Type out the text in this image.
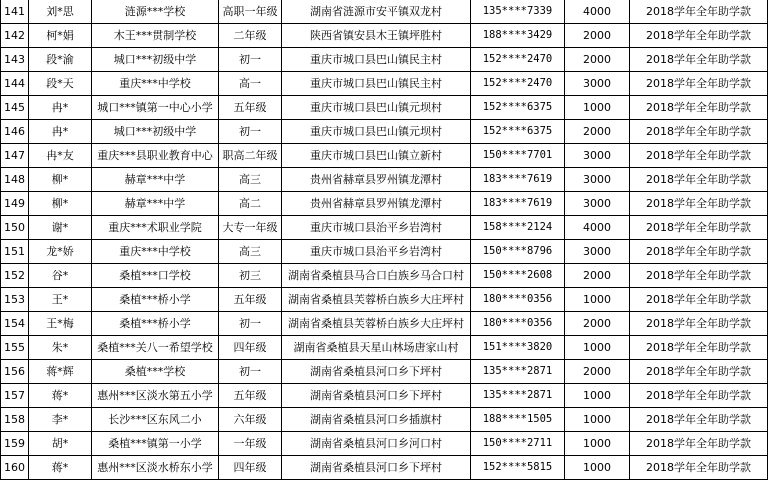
141	刘*思	涟源***学校	高职一年级	湖南省涟源市安平镇双龙村	135****7339	4000	2018学年全年助学款
142	柯*娟	木王***贯制学校	二年级	陕西省镇安县木王镇坪胜村	188****3429	2000	2018学年全年助学款
143	段*渝	城口***初级中学	初一	重庆市城口县巴山镇民主村	152****2470	2000	2018学年全年助学款
144	段*天	重庆***中学校	高一	重庆市城口县巴山镇民主村	152****2470	3000	2018学年全年助学款
145	冉*	城口***镇第一中心小学	五年级	重庆市城口县巴山镇元坝村	152****6375	1000	2018学年全年助学款
146	冉*	城口***初级中学	初一	重庆市城口县巴山镇元坝村	152****6375	2000	2018学年全年助学款
147	冉*友	重庆***县职业教育中心	职高二年级	重庆市城口县巴山镇立新村	150****7701	3000	2018学年全年助学款
148	柳*	赫章***中学	高三	贵州省赫章县罗州镇龙潭村	183****7619	3000	2018学年全年助学款
149	柳*	赫章***中学	高二	贵州省赫章县罗州镇龙潭村	183****7619	3000	2018学年全年助学款
150	谢*	重庆***术职业学院	大专一年级	重庆市城口县治平乡岩湾村	158****2124	4000	2018学年全年助学款
151	龙*娇	重庆***中学校	高三	重庆市城口县治平乡岩湾村	150****8796	3000	2018学年全年助学款
152	谷*	桑植***口学校	初三	湖南省桑植县马合口白族乡马合口村	150****2608	2000	2018学年全年助学款
153	王*	桑植***桥小学	五年级	湖南省桑植县芙蓉桥白族乡大庄坪村	180****0356	1000	2018学年全年助学款
154	王*梅	桑植***桥小学	初一	湖南省桑植县芙蓉桥白族乡大庄坪村	180****0356	2000	2018学年全年助学款
155	朱*	桑植***关八一希望学校	四年级	湖南省桑植县天星山林场唐家山村	151****3820	1000	2018学年全年助学款
156	蒋*辉	桑植***学校	初一	湖南省桑植县河口乡下坪村	135****2871	2000	2018学年全年助学款
157	蒋*	惠州***区淡水第五小学	五年级	湖南省桑植县河口乡下坪村	135****2871	1000	2018学年全年助学款
158	李*	长沙***区东风二小	六年级	湖南省桑植县河口乡插旗村	188****1505	1000	2018学年全年助学款
159	胡*	桑植***镇第一小学	一年级	湖南省桑植县河口乡河口村	150****2711	1000	2018学年全年助学款
160	蒋*	惠州***区淡水桥东小学	四年级	湖南省桑植县河口乡下坪村	152****5815	1000	2018学年全年助学款
